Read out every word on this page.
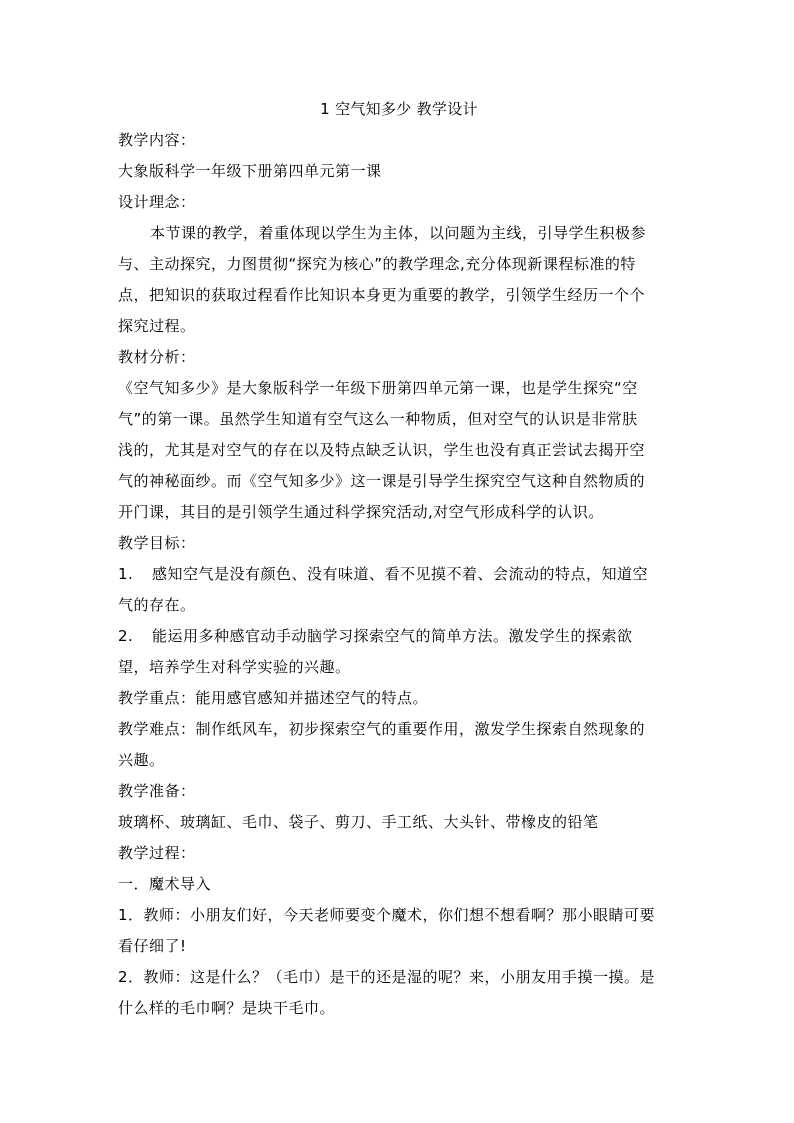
1 空气知多少 教学设计
教学内容：
大象版科学一年级下册第四单元第一课
设计理念：
本节课的教学，着重体现以学生为主体，以问题为主线，引导学生积极参
与、主动探究，力图贯彻“探究为核心”的教学理念,充分体现新课程标准的特
点，把知识的获取过程看作比知识本身更为重要的教学，引领学生经历一个个
探究过程。
教材分析：
《空气知多少》是大象版科学一年级下册第四单元第一课，也是学生探究“空
气”的第一课。虽然学生知道有空气这么一种物质，但对空气的认识是非常肤
浅的，尤其是对空气的存在以及特点缺乏认识，学生也没有真正尝试去揭开空
气的神秘面纱。而《空气知多少》这一课是引导学生探究空气这种自然物质的
开门课，其目的是引领学生通过科学探究活动,对空气形成科学的认识。
教学目标：
1. 感知空气是没有颜色、没有味道、看不见摸不着、会流动的特点，知道空
气的存在。
2. 能运用多种感官动手动脑学习探索空气的简单方法。激发学生的探索欲
望，培养学生对科学实验的兴趣。
教学重点：能用感官感知并描述空气的特点。
教学难点：制作纸风车，初步探索空气的重要作用，激发学生探索自然现象的
兴趣。
教学准备：
玻璃杯、玻璃缸、毛巾、袋子、剪刀、手工纸、大头针、带橡皮的铅笔
教学过程：
一．魔术导入
1．教师：小朋友们好，今天老师要变个魔术，你们想不想看啊？那小眼睛可要
看仔细了!
2．教师：这是什么？（毛巾）是干的还是湿的呢？来，小朋友用手摸一摸。是
什么样的毛巾啊？是块干毛巾。
